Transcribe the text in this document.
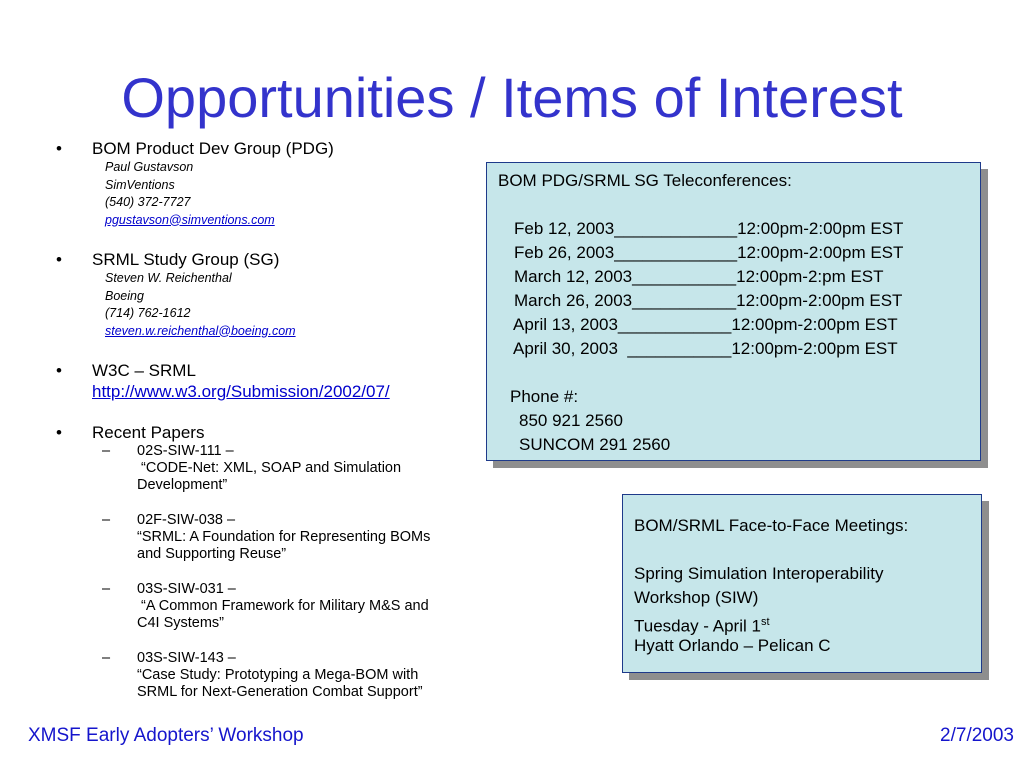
Opportunities / Items of Interest
• BOM Product Dev Group (PDG)
Paul Gustavson
SimVentions
(540) 372-7727
pgustavson@simventions.com
• SRML Study Group (SG)
Steven W. Reichenthal
Boeing
(714) 762-1612
steven.w.reichenthal@boeing.com
• W3C – SRML
http://www.w3.org/Submission/2002/07/
• Recent Papers
– 02S-SIW-111 –
“CODE-Net: XML, SOAP and Simulation
Development”
– 02F-SIW-038 –
“SRML: A Foundation for Representing BOMs
and Supporting Reuse”
– 03S-SIW-031 –
“A Common Framework for Military M&S and
C4I Systems”
– 03S-SIW-143 –
“Case Study: Prototyping a Mega-BOM with
SRML for Next-Generation Combat Support”
BOM PDG/SRML SG Teleconferences:
Feb 12, 2003_____________12:00pm-2:00pm EST
Feb 26, 2003_____________12:00pm-2:00pm EST
March 12, 2003___________12:00pm-2:pm EST
March 26, 2003___________12:00pm-2:00pm EST
April 13, 2003____________12:00pm-2:00pm EST
April 30, 2003  ___________12:00pm-2:00pm EST
Phone #:
850 921 2560
SUNCOM 291 2560
BOM/SRML Face-to-Face Meetings:
Spring Simulation Interoperability
Workshop (SIW)
Tuesday - April 1st
Hyatt Orlando – Pelican C
XMSF Early Adopters’ Workshop	2/7/2003
